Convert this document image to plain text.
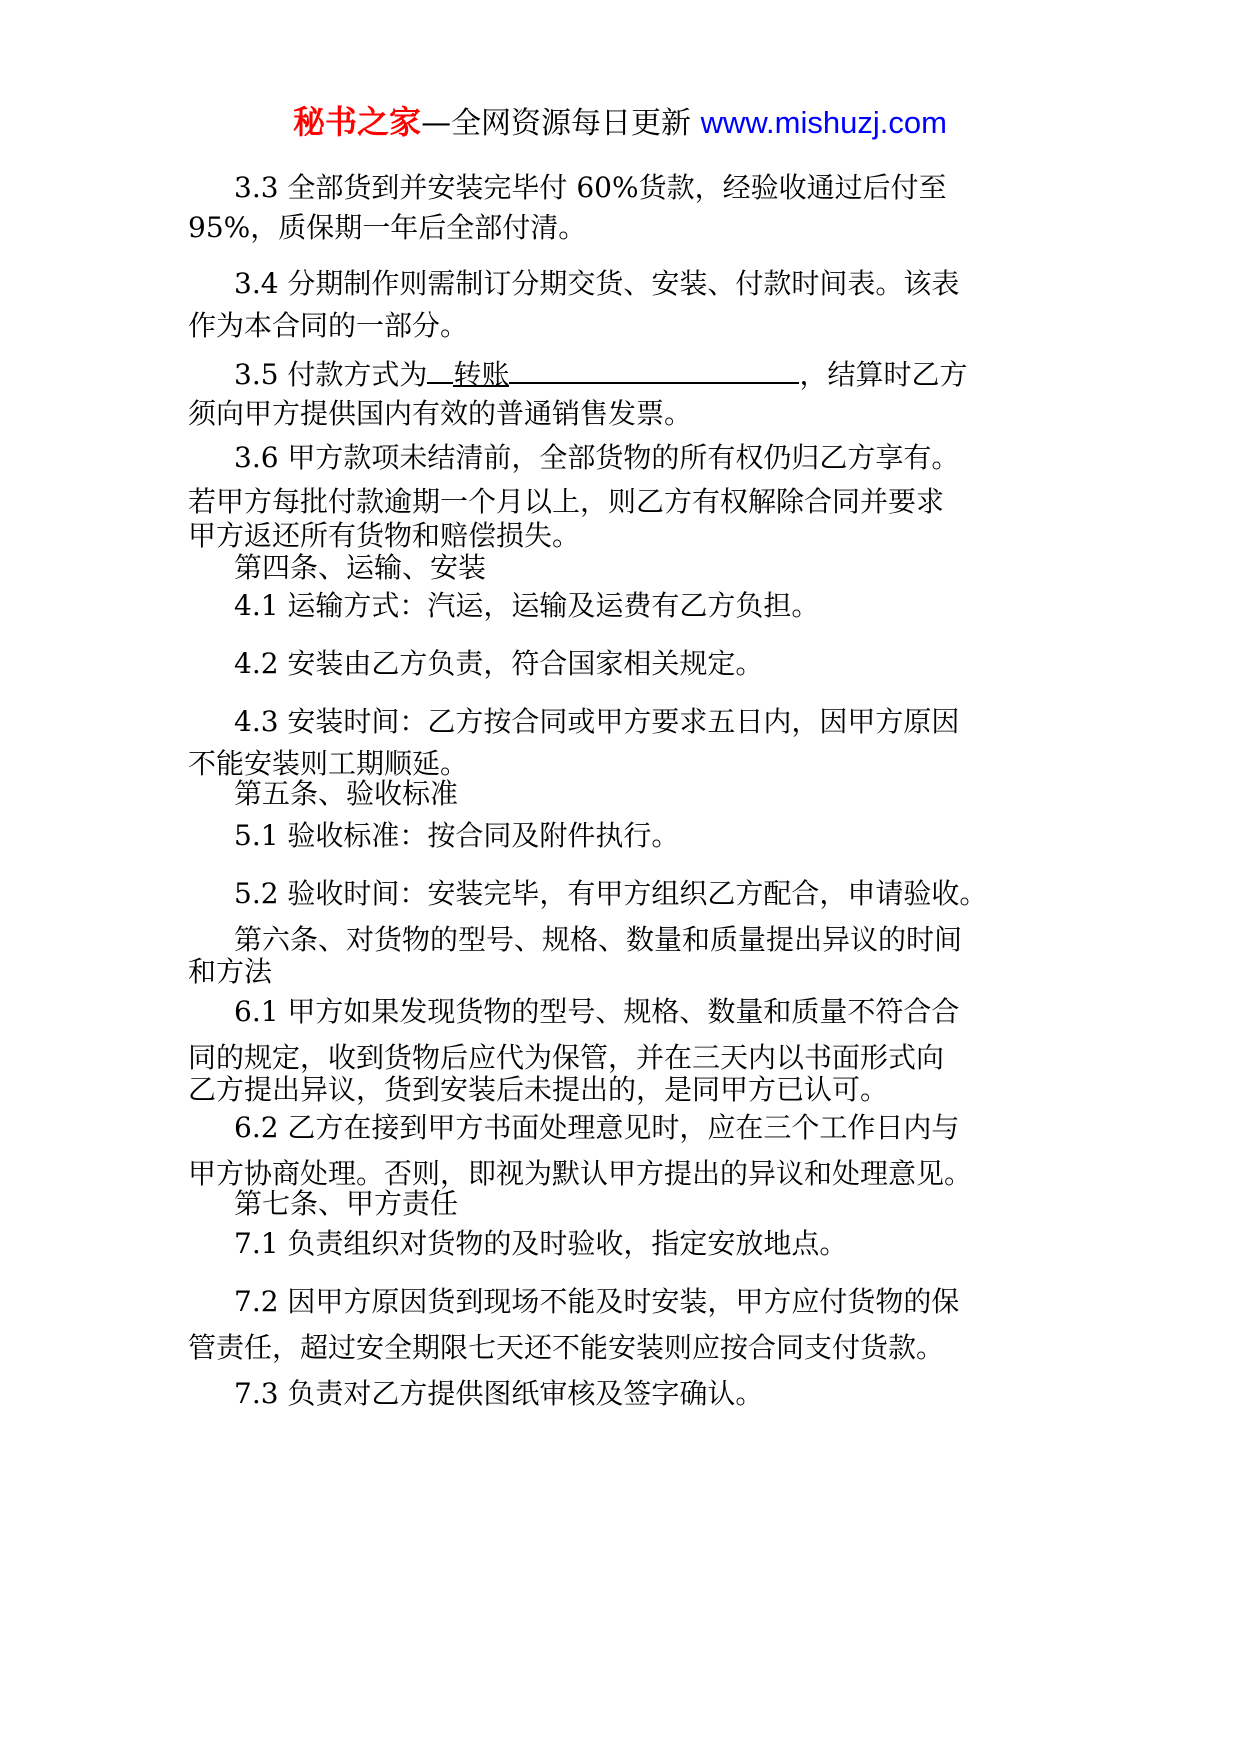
秘书之家—全网资源每日更新 www.mishuzj.com
3.3 全部货到并安装完毕付 60%货款，经验收通过后付至
95%，质保期一年后全部付清。
3.4 分期制作则需制订分期交货、安装、付款时间表。该表
作为本合同的一部分。
3.5 付款方式为 转账	，结算时乙方
须向甲方提供国内有效的普通销售发票。
3.6 甲方款项未结清前，全部货物的所有权仍归乙方享有。
若甲方每批付款逾期一个月以上，则乙方有权解除合同并要求
甲方返还所有货物和赔偿损失。
第四条、运输、安装
4.1 运输方式：汽运，运输及运费有乙方负担。
4.2 安装由乙方负责，符合国家相关规定。
4.3 安装时间：乙方按合同或甲方要求五日内，因甲方原因
不能安装则工期顺延。
第五条、验收标准
5.1 验收标准：按合同及附件执行。
5.2 验收时间：安装完毕，有甲方组织乙方配合，申请验收。
第六条、对货物的型号、规格、数量和质量提出异议的时间
和方法
6.1 甲方如果发现货物的型号、规格、数量和质量不符合合
同的规定，收到货物后应代为保管，并在三天内以书面形式向
乙方提出异议，货到安装后未提出的，是同甲方已认可。
6.2 乙方在接到甲方书面处理意见时，应在三个工作日内与
甲方协商处理。否则，即视为默认甲方提出的异议和处理意见。
第七条、甲方责任
7.1 负责组织对货物的及时验收，指定安放地点。
7.2 因甲方原因货到现场不能及时安装，甲方应付货物的保
管责任，超过安全期限七天还不能安装则应按合同支付货款。
7.3 负责对乙方提供图纸审核及签字确认。
